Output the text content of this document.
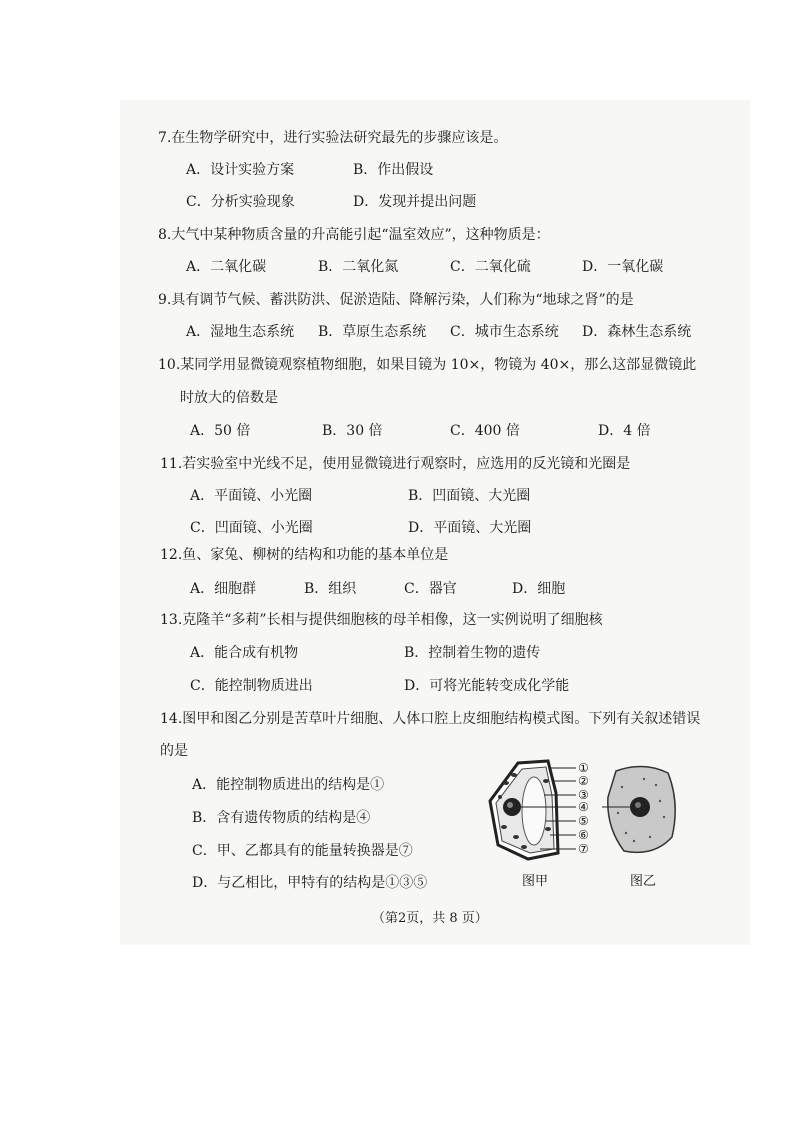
7.在生物学研究中，进行实验法研究最先的步骤应该是。
A．设计实验方案	B．作出假设
C．分析实验现象	D．发现并提出问题
8.大气中某种物质含量的升高能引起“温室效应”，这种物质是：
A．二氧化碳	B．二氧化氮	C．二氧化硫	D．一氧化碳
9.具有调节气候、蓄洪防洪、促淤造陆、降解污染，人们称为“地球之肾”的是
A．湿地生态系统 B．草原生态系统 C．城市生态系统 D．森林生态系统
10.某同学用显微镜观察植物细胞，如果目镜为 10×，物镜为 40×，那么这部显微镜此
时放大的倍数是
A．50 倍	B．30 倍	C．400 倍	D．4 倍
11.若实验室中光线不足，使用显微镜进行观察时，应选用的反光镜和光圈是
A．平面镜、小光圈	B．凹面镜、大光圈
C．凹面镜、小光圈	D．平面镜、大光圈
12.鱼、家兔、柳树的结构和功能的基本单位是
A．细胞群	B．组织	C．器官	D．细胞
13.克隆羊“多莉”长相与提供细胞核的母羊相像，这一实例说明了细胞核
A．能合成有机物	B．控制着生物的遗传
C．能控制物质进出	D．可将光能转变成化学能
14.图甲和图乙分别是苦草叶片细胞、人体口腔上皮细胞结构模式图。下列有关叙述错误
的是
A．能控制物质进出的结构是①
B．含有遗传物质的结构是④
C．甲、乙都具有的能量转换器是⑦
D．与乙相比，甲特有的结构是①③⑤
①
②
③
④
⑤
⑥
⑦
图甲	图乙
（第2页，共 8 页）
